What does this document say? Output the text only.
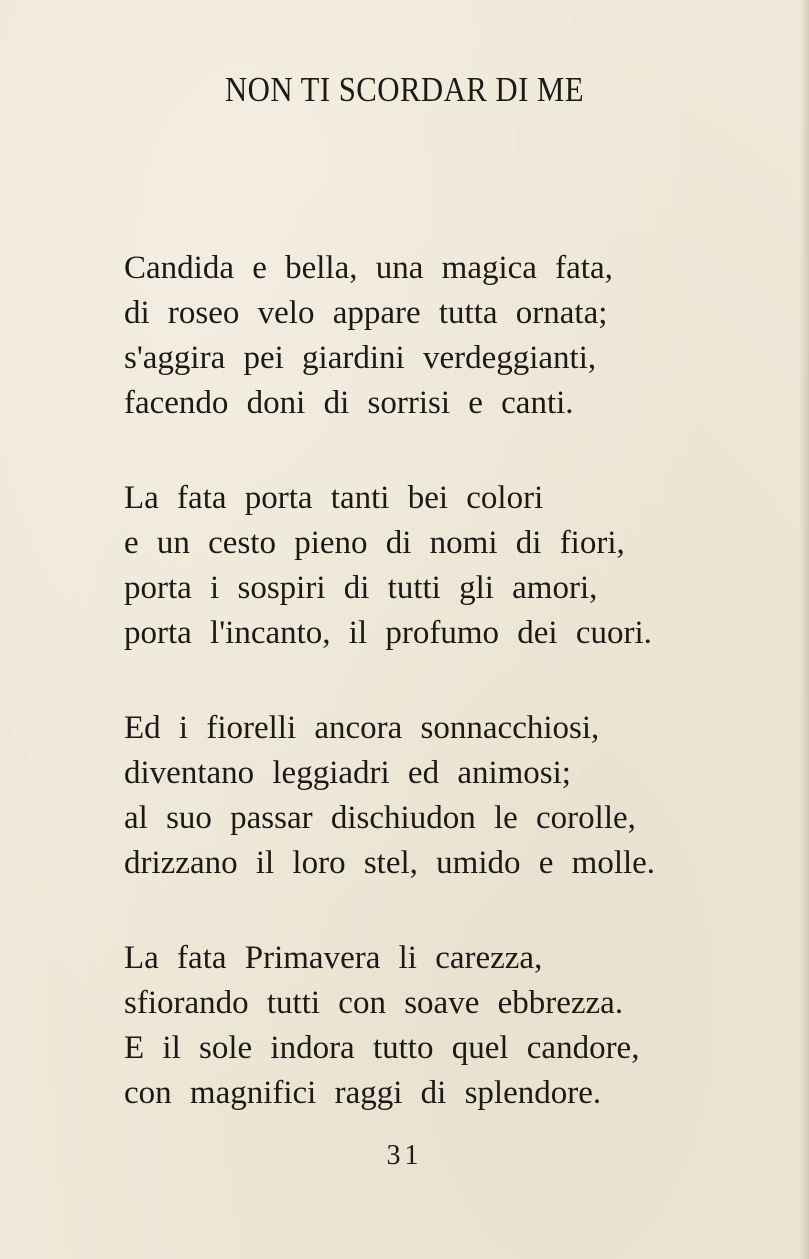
NON TI SCORDAR DI ME
Candida e bella, una magica fata,
di roseo velo appare tutta ornata;
s'aggira pei giardini verdeggianti,
facendo doni di sorrisi e canti.
La fata porta tanti bei colori
e un cesto pieno di nomi di fiori,
porta i sospiri di tutti gli amori,
porta l'incanto, il profumo dei cuori.
Ed i fiorelli ancora sonnacchiosi,
diventano leggiadri ed animosi;
al suo passar dischiudon le corolle,
drizzano il loro stel, umido e molle.
La fata Primavera li carezza,
sfiorando tutti con soave ebbrezza.
E il sole indora tutto quel candore,
con magnifici raggi di splendore.
31
